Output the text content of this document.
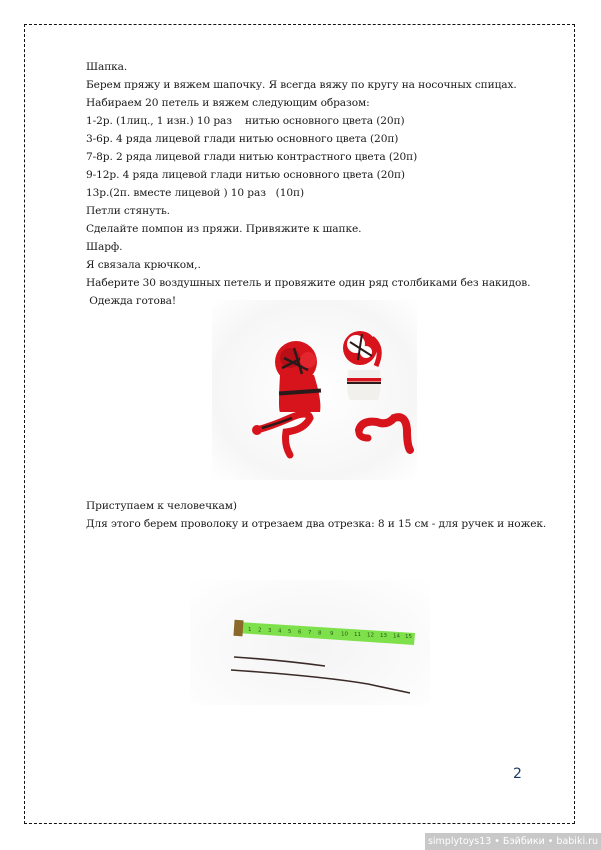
Шапка.
Берем пряжу и вяжем шапочку. Я всегда вяжу по кругу на носочных спицах.
Набираем 20 петель и вяжем следующим образом:
1-2р. (1лиц., 1 изн.) 10 раз    нитью основного цвета (20п)
3-6р. 4 ряда лицевой глади нитью основного цвета (20п)
7-8р. 2 ряда лицевой глади нитью контрастного цвета (20п)
9-12р. 4 ряда лицевой глади нитью основного цвета (20п)
13р.(2п. вместе лицевой ) 10 раз   (10п)
Петли стянуть.
Сделайте помпон из пряжи. Привяжите к шапке.
Шарф.
Я связала крючком,.
Наберите 30 воздушных петель и провяжите один ряд столбиками без накидов.
Одежда готова!
Приступаем к человечкам)
Для этого берем проволоку и отрезаем два отрезка: 8 и 15 см - для ручек и ножек.
1 2 3 4 5 6 7 8 9 10 11 12 13 14 15
2
simplytoys13 • Бэйбики • babiki.ru
